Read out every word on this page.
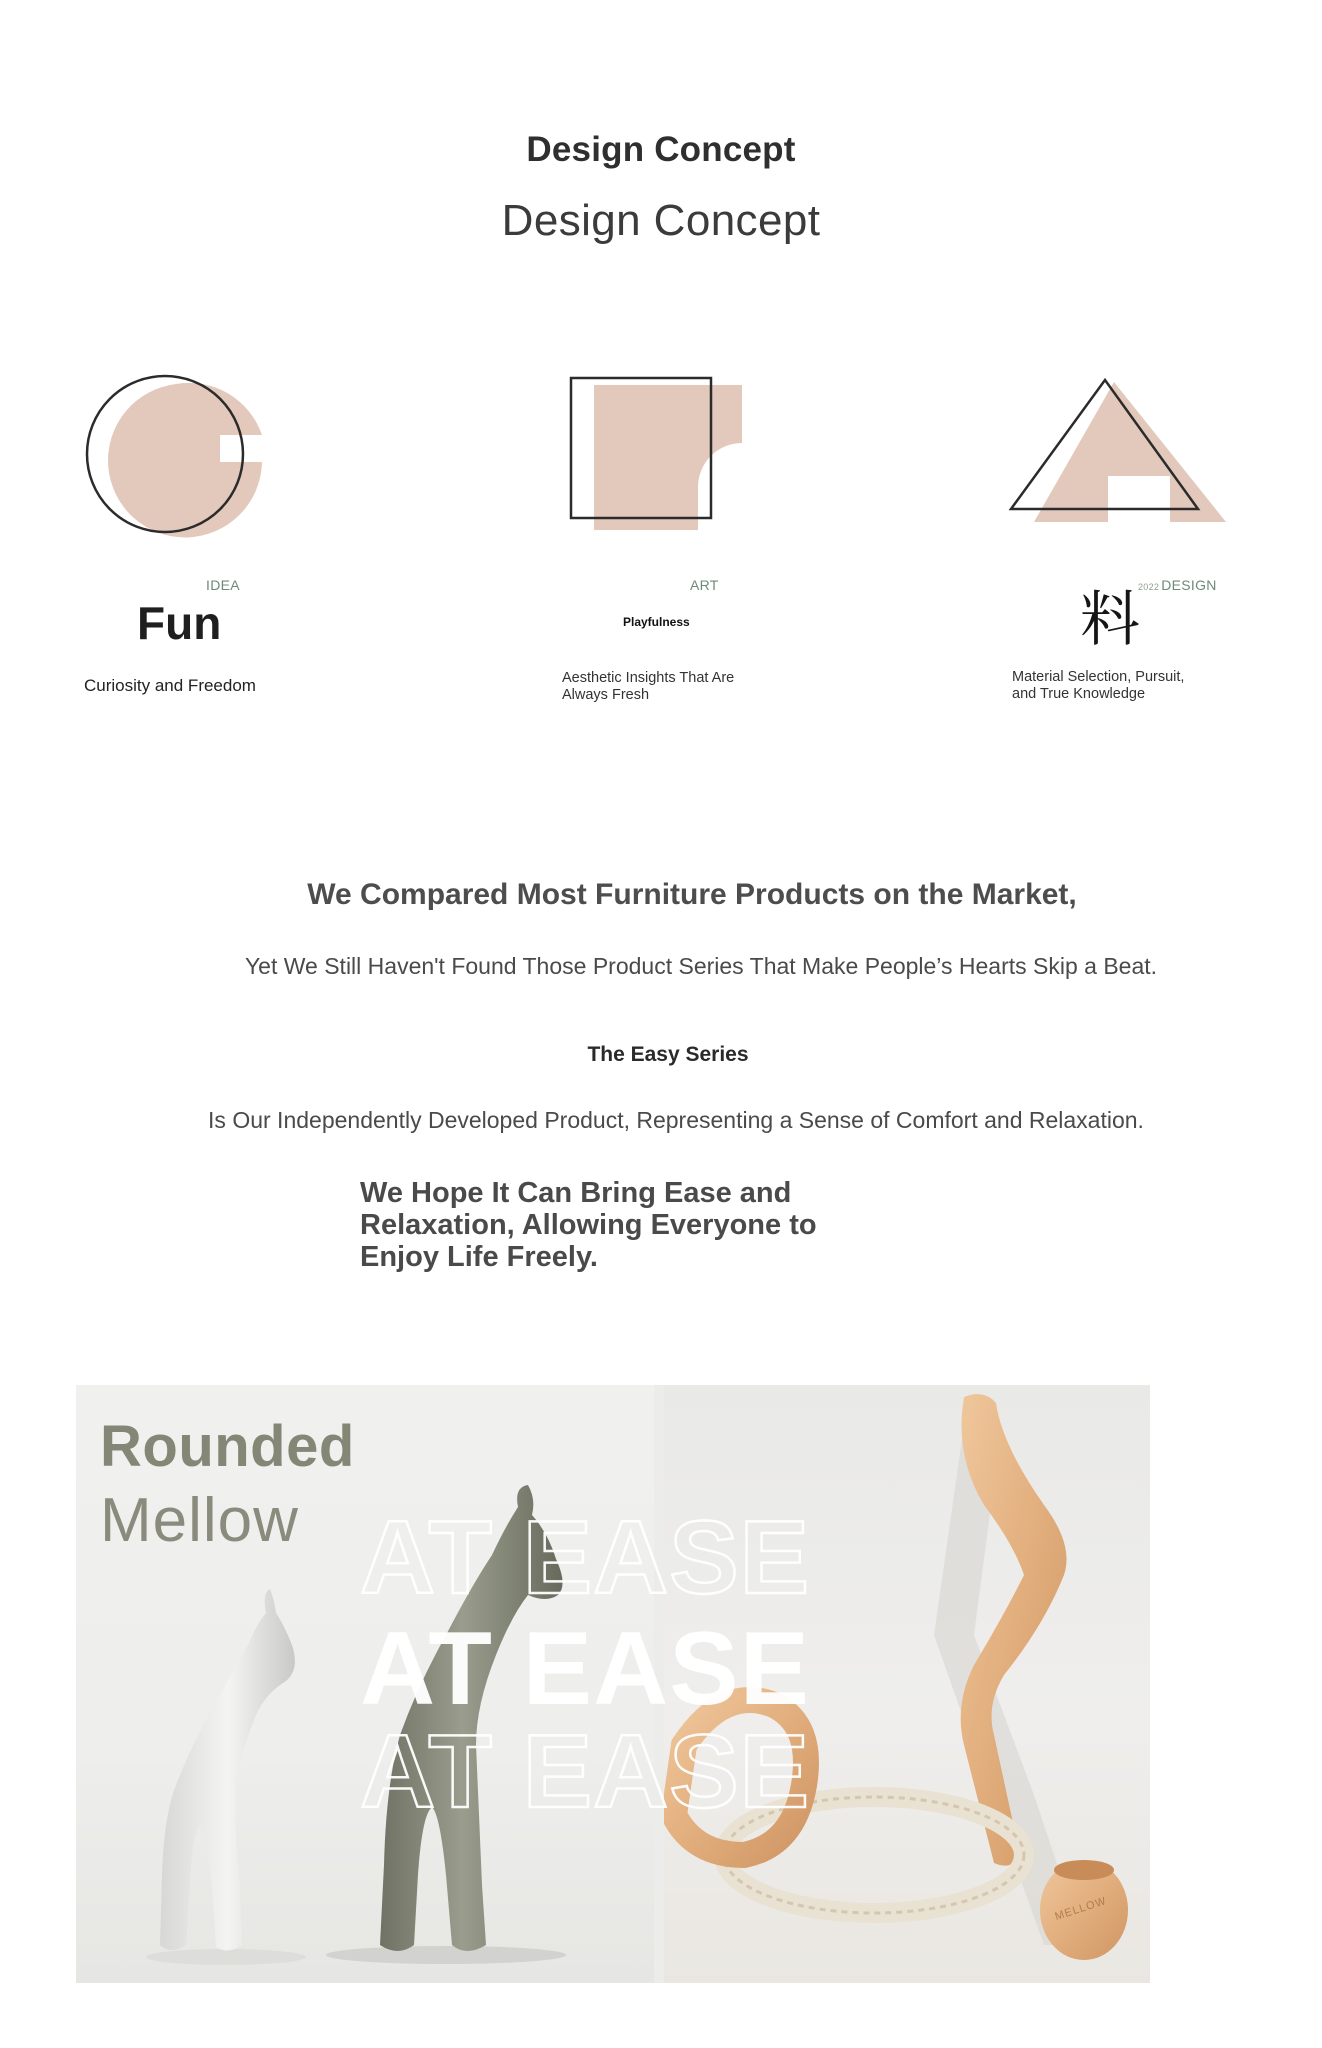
Design Concept
Design Concept
IDEA
Fun
Curiosity and Freedom
ART
Playfulness
Aesthetic Insights That Are Always Fresh
2022 DESIGN
料
Material Selection, Pursuit, and True Knowledge
We Compared Most Furniture Products on the Market,
Yet We Still Haven't Found Those Product Series That Make People’s Hearts Skip a Beat.
The Easy Series
Is Our Independently Developed Product, Representing a Sense of Comfort and Relaxation.
We Hope It Can Bring Ease and Relaxation, Allowing Everyone to Enjoy Life Freely.
Rounded
Mellow
MELLOW
AT EASE
AT EASE
AT EASE
